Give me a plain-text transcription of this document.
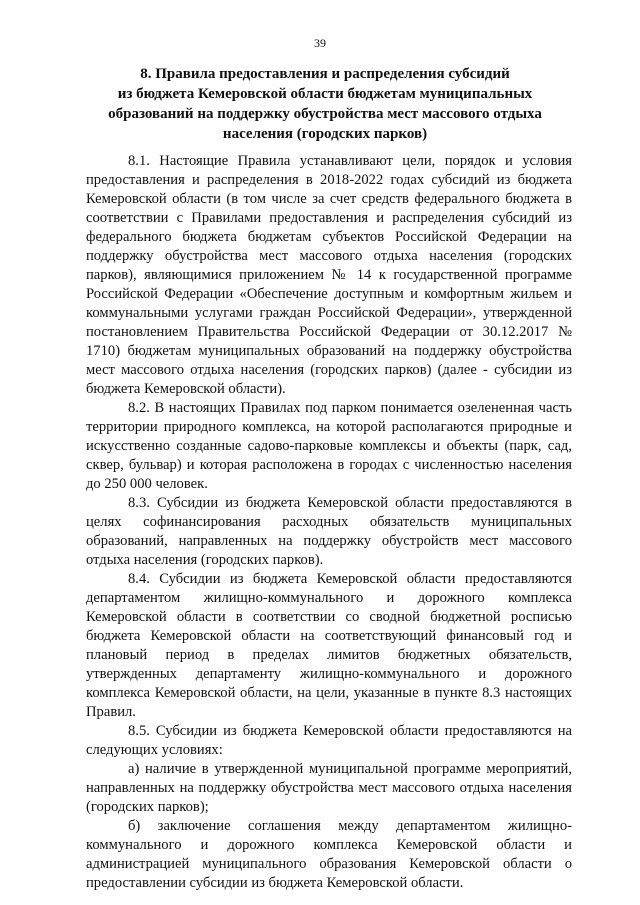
39
8. Правила предоставления и распределения субсидий
из бюджета Кемеровской области бюджетам муниципальных
образований на поддержку обустройства мест массового отдыха
населения (городских парков)

8.1. Настоящие Правила устанавливают цели, порядок и условия предоставления и распределения в 2018-2022 годах субсидий из бюджета Кемеровской области (в том числе за счет средств федерального бюджета в соответствии с Правилами предоставления и распределения субсидий из федерального бюджета бюджетам субъектов Российской Федерации на поддержку обустройства мест массового отдыха населения (городских парков), являющимися приложением № 14 к государственной программе Российской Федерации «Обеспечение доступным и комфортным жильем и коммунальными услугами граждан Российской Федерации», утвержденной постановлением Правительства Российской Федерации от 30.12.2017 № 1710) бюджетам муниципальных образований на поддержку обустройства мест массового отдыха населения (городских парков) (далее - субсидии из бюджета Кемеровской области).

8.2. В настоящих Правилах под парком понимается озелененная часть территории природного комплекса, на которой располагаются природные и искусственно созданные садово-парковые комплексы и объекты (парк, сад, сквер, бульвар) и которая расположена в городах с численностью населения до 250 000 человек.

8.3. Субсидии из бюджета Кемеровской области предоставляются в целях софинансирования расходных обязательств муниципальных образований, направленных на поддержку обустройств мест массового отдыха населения (городских парков).

8.4. Субсидии из бюджета Кемеровской области предоставляются департаментом жилищно-коммунального и дорожного комплекса Кемеровской области в соответствии со сводной бюджетной росписью бюджета Кемеровской области на соответствующий финансовый год и плановый период в пределах лимитов бюджетных обязательств, утвержденных департаменту жилищно-коммунального и дорожного комплекса Кемеровской области, на цели, указанные в пункте 8.3 настоящих Правил.

8.5. Субсидии из бюджета Кемеровской области предоставляются на следующих условиях:

а) наличие в утвержденной муниципальной программе мероприятий, направленных на поддержку обустройства мест массового отдыха населения (городских парков);

б) заключение соглашения между департаментом жилищно-коммунального и дорожного комплекса Кемеровской области и администрацией муниципального образования Кемеровской области о предоставлении субсидии из бюджета Кемеровской области.
